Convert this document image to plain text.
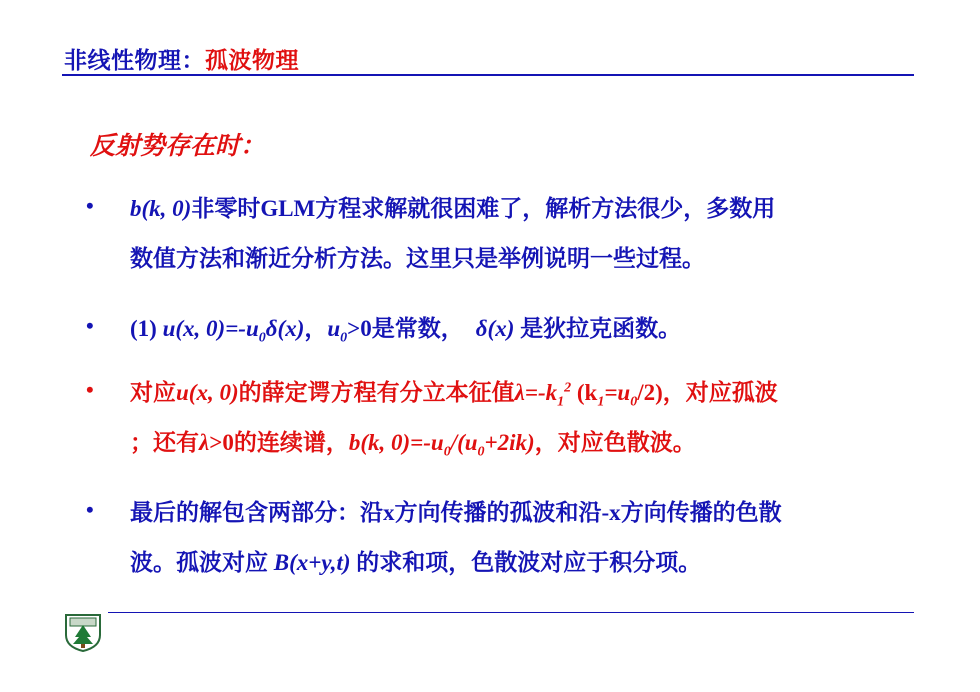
非线性物理：孤波物理
反射势存在时：
• b(k, 0)非零时GLM方程求解就很困难了，解析方法很少，多数用
数值方法和渐近分析方法。这里只是举例说明一些过程。
• (1) u(x, $0)=-u_0\delta(x)$，$u_0>0$是常数， δ(x) 是狄拉克函数。
• 对应u(x, 0)的薛定谔方程有分立本征值$\lambda=-k_1^2$ $(k_1=u_0/2)$，对应孤波
；还有λ>0的连续谱，b(k, $0)=-u_0/(u_0+2ik)$，对应色散波。
• 最后的解包含两部分：沿x方向传播的孤波和沿-x方向传播的色散
波。孤波对应 B(x+y,t) 的求和项，色散波对应于积分项。
